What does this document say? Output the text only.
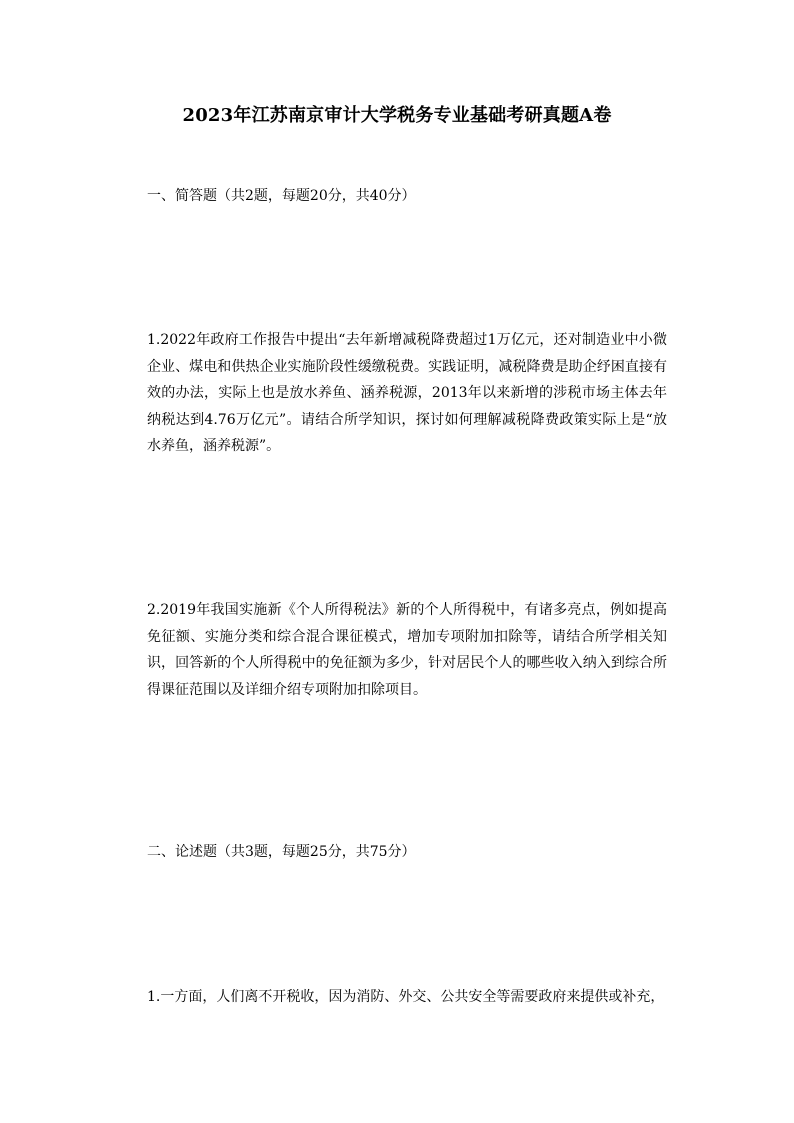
2023年江苏南京审计大学税务专业基础考研真题A卷
一、简答题（共2题，每题20分，共40分）
1.2022年政府工作报告中提出“去年新增减税降费超过1万亿元，还对制造业中小微企业、煤电和供热企业实施阶段性缓缴税费。实践证明，减税降费是助企纾困直接有效的办法，实际上也是放水养鱼、涵养税源，2013年以来新增的涉税市场主体去年纳税达到4.76万亿元”。请结合所学知识，探讨如何理解减税降费政策实际上是“放水养鱼，涵养税源”。
2.2019年我国实施新《个人所得税法》新的个人所得税中，有诸多亮点，例如提高免征额、实施分类和综合混合课征模式，增加专项附加扣除等，请结合所学相关知识，回答新的个人所得税中的免征额为多少，针对居民个人的哪些收入纳入到综合所得课征范围以及详细介绍专项附加扣除项目。
二、论述题（共3题，每题25分，共75分）
1.一方面，人们离不开税收，因为消防、外交、公共安全等需要政府来提供或补充，
